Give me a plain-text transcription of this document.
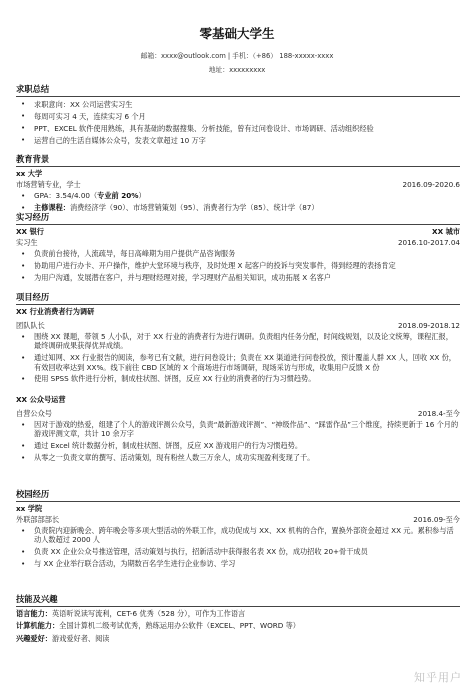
零基础大学生
邮箱：xxxx@outlook.com | 手机：（+86） 188-xxxxx-xxxx
地址：xxxxxxxxx
求职总结
• 求职意向：XX 公司运营实习生
• 每周可实习 4 天，连续实习 6 个月
• PPT、EXCEL 软件使用熟练，具有基础的数据搜集、分析技能，曾有过问卷设计、市场调研、活动组织经验
• 运营自己的生活自媒体公众号，发表文章超过 10 万字
教育背景
xx 大学
市场营销专业，学士	2016.09-2020.6
• GPA：3.54/4.00（专业前 20%）
• 主修课程：消费经济学（90）、市场营销策划（95）、消费者行为学（85）、统计学（87）
实习经历
XX 银行	XX 城市
实习生	2016.10-2017.04
• 负责前台接待，人流疏导，每日高峰期为用户提供产品咨询服务
• 协助用户进行办卡、开户操作，维护大堂环境与秩序，及时处理 X 起客户的投诉与突发事件，得到经理的表扬肯定
• 为用户沟通，发展潜在客户，并与理财经理对接，学习理财产品相关知识，成功拓展 X 名客户
项目经历
XX 行业消费者行为调研
团队队长	2018.09-2018.12
• 围绕 XX 课题，带领 5 人小队，对于 XX 行业的消费者行为进行调研。负责组内任务分配，时间线规划，以及论文统筹，课程汇报，最终调研成果获得优异成绩。
• 通过知网、XX 行业报告的阅读，参考已有文献，进行问卷设计；负责在 XX 渠道进行问卷投放，预计覆盖人群 XX 人，回收 XX 份，有效回收率达到 XX%。线下前往 CBD 区域的 X 个商场进行市场调研，现场采访与形成，收集用户反馈 X 份
• 使用 SPSS 软件进行分析，制成柱状图、饼图，反应 XX 行业的消费者的行为习惯趋势。
XX 公众号运营
自营公众号	2018.4-至今
• 因对于游戏的热爱，组建了个人的游戏评测公众号，负责“最新游戏评测”、“神级作品”、“踩雷作品”三个维度，持续更新于 16 个月的游戏评测文章，共计 10 余万字
• 通过 Excel 统计数据分析，制成柱状图、饼图，反应 XX 游戏用户的行为习惯趋势。
• 从零之一负责文章的撰写、活动策划，现有粉丝人数三万余人，成功实现盈利变现了千。
校园经历
xx 学院
外联部部部长	2016.09-至今
• 负责院内迎新晚会、跨年晚会等多项大型活动的外联工作，成功促成与 XX、XX 机构的合作，置换外部资金超过 XX 元。累积参与活动人数超过 2000 人
• 负责 XX 企业公众号推送管理，活动策划与执行，招新活动中获得报名表 XX 份，成功招收 20+骨干成员
• 与 XX 企业举行联合活动，为期数百名学生进行企业参访、学习
技能及兴趣
语言能力：英语听说读写流利，CET-6 优秀（528 分），可作为工作语言
计算机能力：全国计算机二级考试优秀，熟练运用办公软件（EXCEL、PPT、WORD 等）
兴趣爱好：游戏爱好者、阅读
知乎用户
